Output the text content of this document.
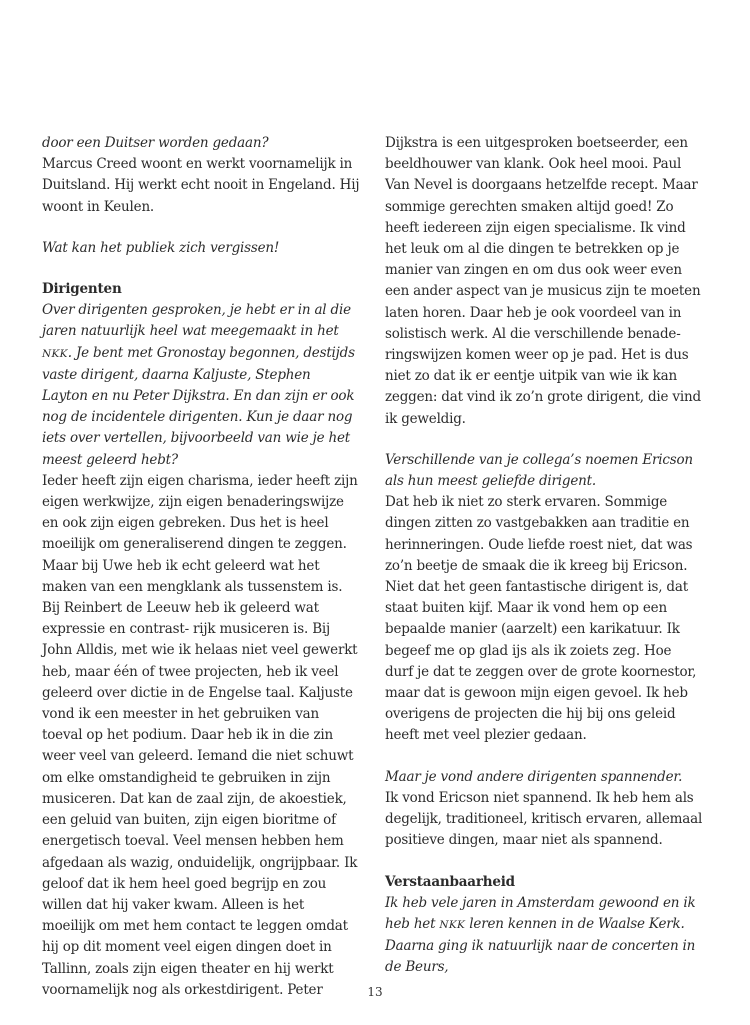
door een Duitser worden gedaan?

Marcus Creed woont en werkt voornamelijk in Duitsland. Hij werkt echt nooit in Engeland. Hij woont in Keulen.

Wat kan het publiek zich vergissen!

Dirigenten

Over dirigenten gesproken, je hebt er in al die jaren natuurlijk heel wat meegemaakt in het NKK. Je bent met Gronostay begonnen, destijds vaste dirigent, daarna Kaljuste, Stephen Layton en nu Peter Dijkstra. En dan zijn er ook nog de incidentele dirigenten. Kun je daar nog iets over vertellen, bijvoorbeeld van wie je het meest geleerd hebt?

Ieder heeft zijn eigen charisma, ieder heeft zijn eigen werkwijze, zijn eigen benaderingswijze en ook zijn eigen gebreken. Dus het is heel moeilijk om generaliserend dingen te zeggen. Maar bij Uwe heb ik echt geleerd wat het maken van een mengklank als tussenstem is. Bij Reinbert de Leeuw heb ik geleerd wat expressie en contrast- rijk musiceren is. Bij John Alldis, met wie ik helaas niet veel gewerkt heb, maar één of twee projecten, heb ik veel geleerd over dictie in de Engelse taal. Kaljuste vond ik een meester in het gebruiken van toeval op het podium. Daar heb ik in die zin weer veel van geleerd. Iemand die niet schuwt om elke omstandigheid te gebruiken in zijn musiceren. Dat kan de zaal zijn, de akoestiek, een geluid van buiten, zijn eigen bioritme of energetisch toeval. Veel mensen hebben hem afgedaan als wazig, onduidelijk, ongrijpbaar. Ik geloof dat ik hem heel goed begrijp en zou willen dat hij vaker kwam. Alleen is het moeilijk om met hem contact te leggen omdat hij op dit moment veel eigen dingen doet in Tallinn, zoals zijn eigen theater en hij werkt voornamelijk nog als orkestdirigent. Peter

Dijkstra is een uitgesproken boetseerder, een beeldhouwer van klank. Ook heel mooi. Paul Van Nevel is doorgaans hetzelfde recept. Maar sommige gerechten smaken altijd goed! Zo heeft iedereen zijn eigen specialisme. Ik vind het leuk om al die dingen te betrekken op je manier van zingen en om dus ook weer even een ander aspect van je musicus zijn te moeten laten horen. Daar heb je ook voordeel van in solistisch werk. Al die verschillende benade- ringswijzen komen weer op je pad. Het is dus niet zo dat ik er eentje uitpik van wie ik kan zeggen: dat vind ik zo’n grote dirigent, die vind ik geweldig.

Verschillende van je collega’s noemen Ericson als hun meest geliefde dirigent.

Dat heb ik niet zo sterk ervaren. Sommige dingen zitten zo vastgebakken aan traditie en herinneringen. Oude liefde roest niet, dat was zo’n beetje de smaak die ik kreeg bij Ericson. Niet dat het geen fantastische dirigent is, dat staat buiten kijf. Maar ik vond hem op een bepaalde manier (aarzelt) een karikatuur. Ik begeef me op glad ijs als ik zoiets zeg. Hoe durf je dat te zeggen over de grote koornestor, maar dat is gewoon mijn eigen gevoel. Ik heb overigens de projecten die hij bij ons geleid heeft met veel plezier gedaan.

Maar je vond andere dirigenten spannender.

Ik vond Ericson niet spannend. Ik heb hem als degelijk, traditioneel, kritisch ervaren, allemaal positieve dingen, maar niet als spannend.

Verstaanbaarheid

Ik heb vele jaren in Amsterdam gewoond en ik heb het NKK leren kennen in de Waalse Kerk. Daarna ging ik natuurlijk naar de concerten in de Beurs,

13
